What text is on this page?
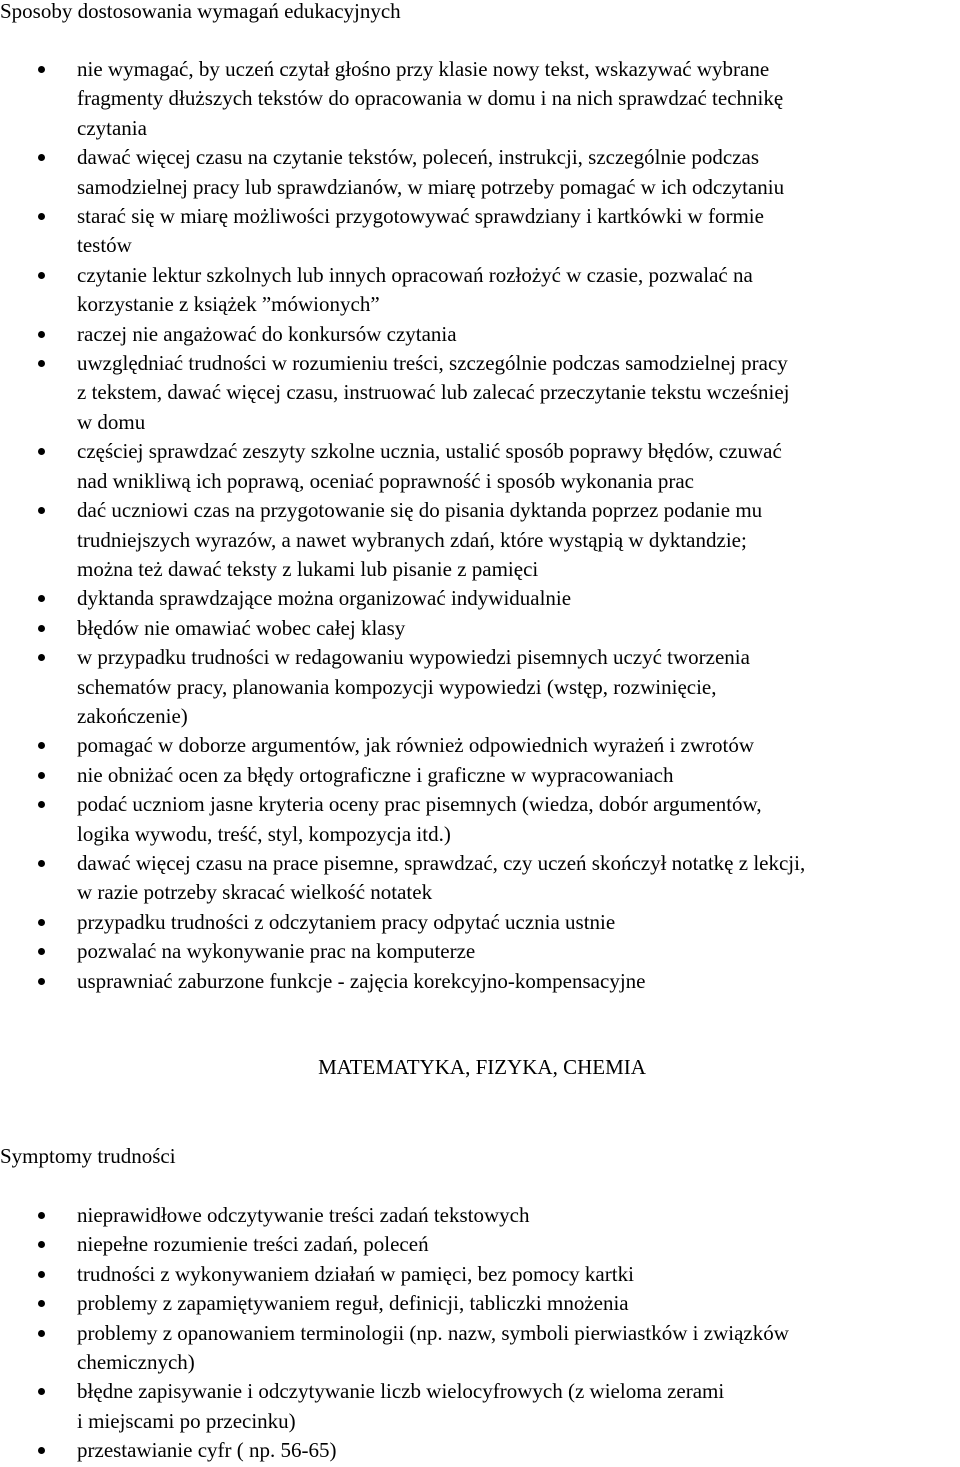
Sposoby dostosowania wymagań edukacyjnych
nie wymagać, by uczeń czytał głośno przy klasie nowy tekst, wskazywać wybrane
fragmenty dłuższych tekstów do opracowania w domu i na nich sprawdzać technikę
czytania
dawać więcej czasu na czytanie tekstów, poleceń, instrukcji, szczególnie podczas
samodzielnej pracy lub sprawdzianów, w miarę potrzeby pomagać w ich odczytaniu
starać się w miarę możliwości przygotowywać sprawdziany i kartkówki w formie
testów
czytanie lektur szkolnych lub innych opracowań rozłożyć w czasie, pozwalać na
korzystanie z książek ”mówionych”
raczej nie angażować do konkursów czytania
uwzględniać trudności w rozumieniu treści, szczególnie podczas samodzielnej pracy
z tekstem, dawać więcej czasu, instruować lub zalecać przeczytanie tekstu wcześniej
w domu
częściej sprawdzać zeszyty szkolne ucznia, ustalić sposób poprawy błędów, czuwać
nad wnikliwą ich poprawą, oceniać poprawność i sposób wykonania prac
dać uczniowi czas na przygotowanie się do pisania dyktanda poprzez podanie mu
trudniejszych wyrazów, a nawet wybranych zdań, które wystąpią w dyktandzie;
można też dawać teksty z lukami lub pisanie z pamięci
dyktanda sprawdzające można organizować indywidualnie
błędów nie omawiać wobec całej klasy
w przypadku trudności w redagowaniu wypowiedzi pisemnych uczyć tworzenia
schematów pracy, planowania kompozycji wypowiedzi (wstęp, rozwinięcie,
zakończenie)
pomagać w doborze argumentów, jak również odpowiednich wyrażeń i zwrotów
nie obniżać ocen za błędy ortograficzne i graficzne w wypracowaniach
podać uczniom jasne kryteria oceny prac pisemnych (wiedza, dobór argumentów,
logika wywodu, treść, styl, kompozycja itd.)
dawać więcej czasu na prace pisemne, sprawdzać, czy uczeń skończył notatkę z lekcji,
w razie potrzeby skracać wielkość notatek
przypadku trudności z odczytaniem pracy odpytać ucznia ustnie
pozwalać na wykonywanie prac na komputerze
usprawniać zaburzone funkcje - zajęcia korekcyjno-kompensacyjne
MATEMATYKA, FIZYKA, CHEMIA
Symptomy trudności
nieprawidłowe odczytywanie treści zadań tekstowych
niepełne rozumienie treści zadań, poleceń
trudności z wykonywaniem działań w pamięci, bez pomocy kartki
problemy z zapamiętywaniem reguł, definicji, tabliczki mnożenia
problemy z opanowaniem terminologii (np. nazw, symboli pierwiastków i związków
chemicznych)
błędne zapisywanie i odczytywanie liczb wielocyfrowych (z wieloma zerami
i miejscami po przecinku)
przestawianie cyfr ( np. 56-65)
